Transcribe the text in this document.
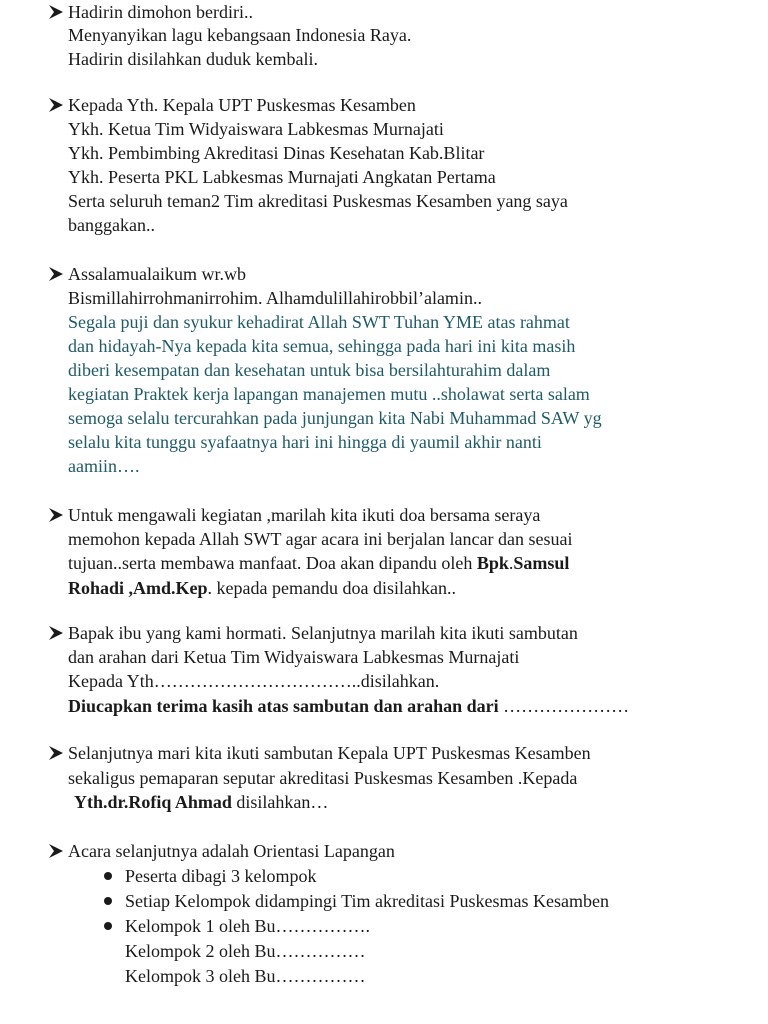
Hadirin dimohon berdiri..
Menyanyikan lagu kebangsaan Indonesia Raya.
Hadirin disilahkan duduk kembali.
Kepada Yth. Kepala UPT Puskesmas Kesamben
Ykh. Ketua Tim Widyaiswara Labkesmas Murnajati
Ykh. Pembimbing Akreditasi Dinas Kesehatan Kab.Blitar
Ykh. Peserta PKL Labkesmas Murnajati Angkatan Pertama
Serta seluruh teman2 Tim akreditasi Puskesmas Kesamben yang saya
banggakan..
Assalamualaikum wr.wb
Bismillahirrohmanirrohim. Alhamdulillahirobbil’alamin..
Segala puji dan syukur kehadirat Allah SWT Tuhan YME atas rahmat
dan hidayah-Nya kepada kita semua, sehingga pada hari ini kita masih
diberi kesempatan dan kesehatan untuk bisa bersilahturahim dalam
kegiatan Praktek kerja lapangan manajemen mutu ..sholawat serta salam
semoga selalu tercurahkan pada junjungan kita Nabi Muhammad SAW yg
selalu kita tunggu syafaatnya hari ini hingga di yaumil akhir nanti
aamiin….
Untuk mengawali kegiatan ,marilah kita ikuti doa bersama seraya
memohon kepada Allah SWT agar acara ini berjalan lancar dan sesuai
tujuan..serta membawa manfaat. Doa akan dipandu oleh Bpk.Samsul
Rohadi ,Amd.Kep. kepada pemandu doa disilahkan..
Bapak ibu yang kami hormati. Selanjutnya marilah kita ikuti sambutan
dan arahan dari Ketua Tim Widyaiswara Labkesmas Murnajati
Kepada Yth……………………………..disilahkan.
Diucapkan terima kasih atas sambutan dan arahan dari …………………
Selanjutnya mari kita ikuti sambutan Kepala UPT Puskesmas Kesamben
sekaligus pemaparan seputar akreditasi Puskesmas Kesamben .Kepada
Yth.dr.Rofiq Ahmad disilahkan…
Acara selanjutnya adalah Orientasi Lapangan
Peserta dibagi 3 kelompok
Setiap Kelompok didampingi Tim akreditasi Puskesmas Kesamben
Kelompok 1 oleh Bu…………….
Kelompok 2 oleh Bu……………
Kelompok 3 oleh Bu……………
